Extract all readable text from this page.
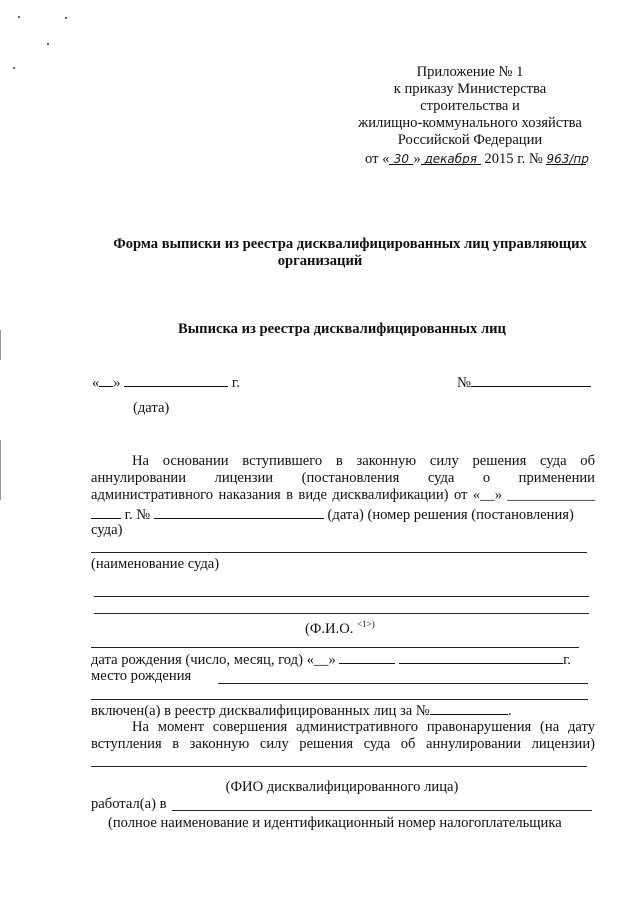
Приложение № 1
к приказу Министерства
строительства и
жилищно-коммунального хозяйства
Российской Федерации
от « 30 » декабря 2015 г. № 963/пр
Форма выписки из реестра дисквалифицированных лиц управляющих
организаций
Выписка из реестра дисквалифицированных лиц
« »	г.	№
(дата)
На основании вступившего в законную силу решения суда об
аннулировании лицензии (постановления суда о применении
административного наказания в виде дисквалификации) от «__» ____________
г. №	(дата) (номер решения (постановления)
суда)
(наименование суда)
(Ф.И.О. $^{<1>)}$
дата рождения (число, месяц, год) «__»	г.
место рождения
включен(а) в реестр дисквалифицированных лиц за №	.
На момент совершения административного правонарушения (на дату
вступления в законную силу решения суда об аннулировании лицензии)
(ФИО дисквалифицированного лица)
работал(а) в
(полное наименование и идентификационный номер налогоплательщика
